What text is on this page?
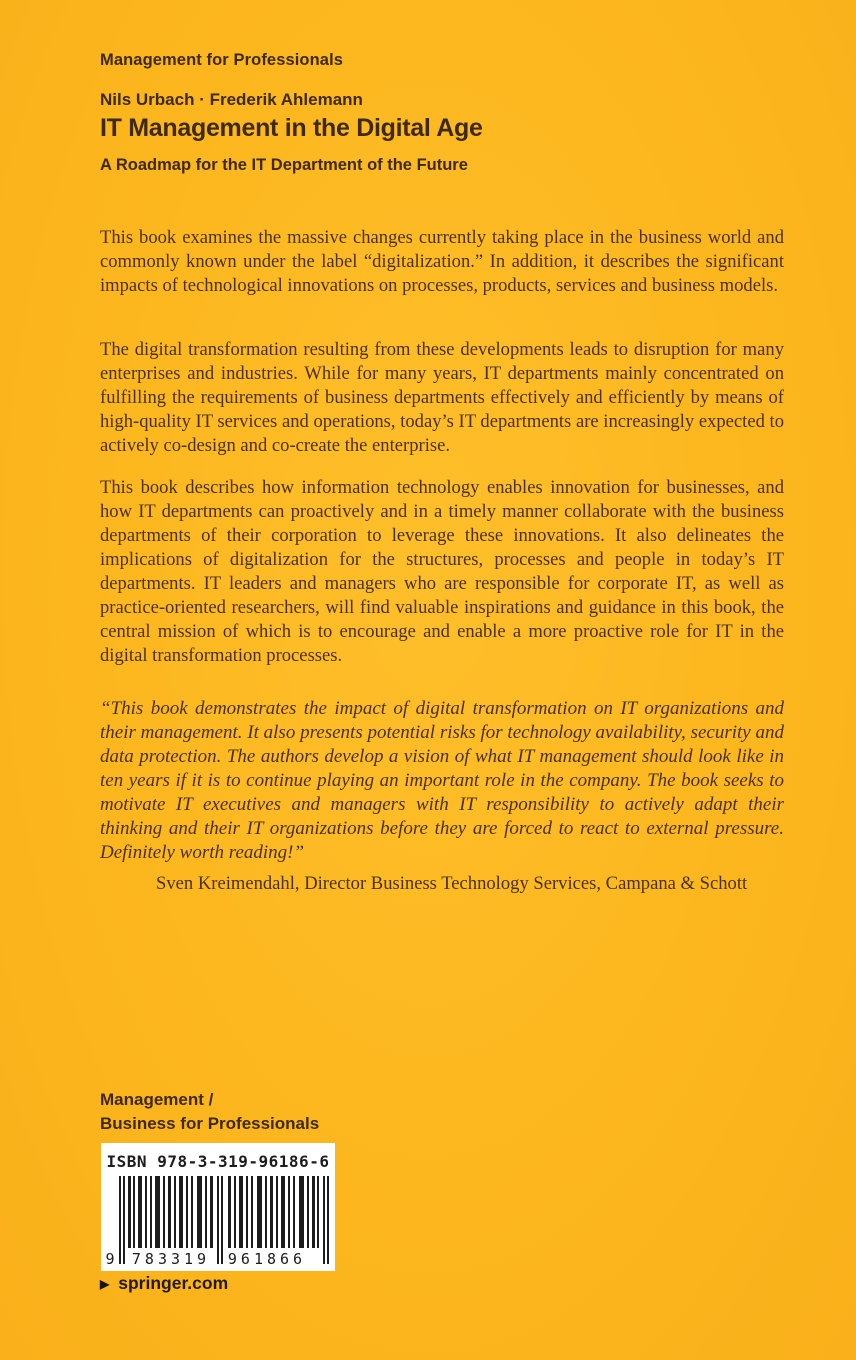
Management for Professionals
Nils Urbach · Frederik Ahlemann
IT Management in the Digital Age
A Roadmap for the IT Department of the Future
This book examines the massive changes currently taking place in the business world and commonly known under the label “digitalization.” In addition, it describes the significant impacts of technological innovations on processes, products, services and business models.
The digital transformation resulting from these developments leads to disruption for many enterprises and industries. While for many years, IT departments mainly concentrated on fulfilling the requirements of business departments effectively and efficiently by means of high-quality IT services and operations, today’s IT departments are increasingly expected to actively co-design and co-create the enterprise.
This book describes how information technology enables innovation for businesses, and how IT departments can proactively and in a timely manner collaborate with the business departments of their corporation to leverage these innovations. It also delineates the implications of digitalization for the structures, processes and people in today’s IT departments. IT leaders and managers who are responsible for corporate IT, as well as practice-oriented researchers, will find valuable inspirations and guidance in this book, the central mission of which is to encourage and enable a more proactive role for IT in the digital transformation processes.
“This book demonstrates the impact of digital transformation on IT organizations and their management. It also presents potential risks for technology availability, security and data protection. The authors develop a vision of what IT management should look like in ten years if it is to continue playing an important role in the company. The book seeks to motivate IT executives and managers with IT responsibility to actively adapt their thinking and their IT organizations before they are forced to react to external pressure. Definitely worth reading!”
Sven Kreimendahl, Director Business Technology Services, Campana & Schott
Management /
Business for Professionals
ISBN 978-3-319-96186-6
9	783319	961866
▶ springer.com
